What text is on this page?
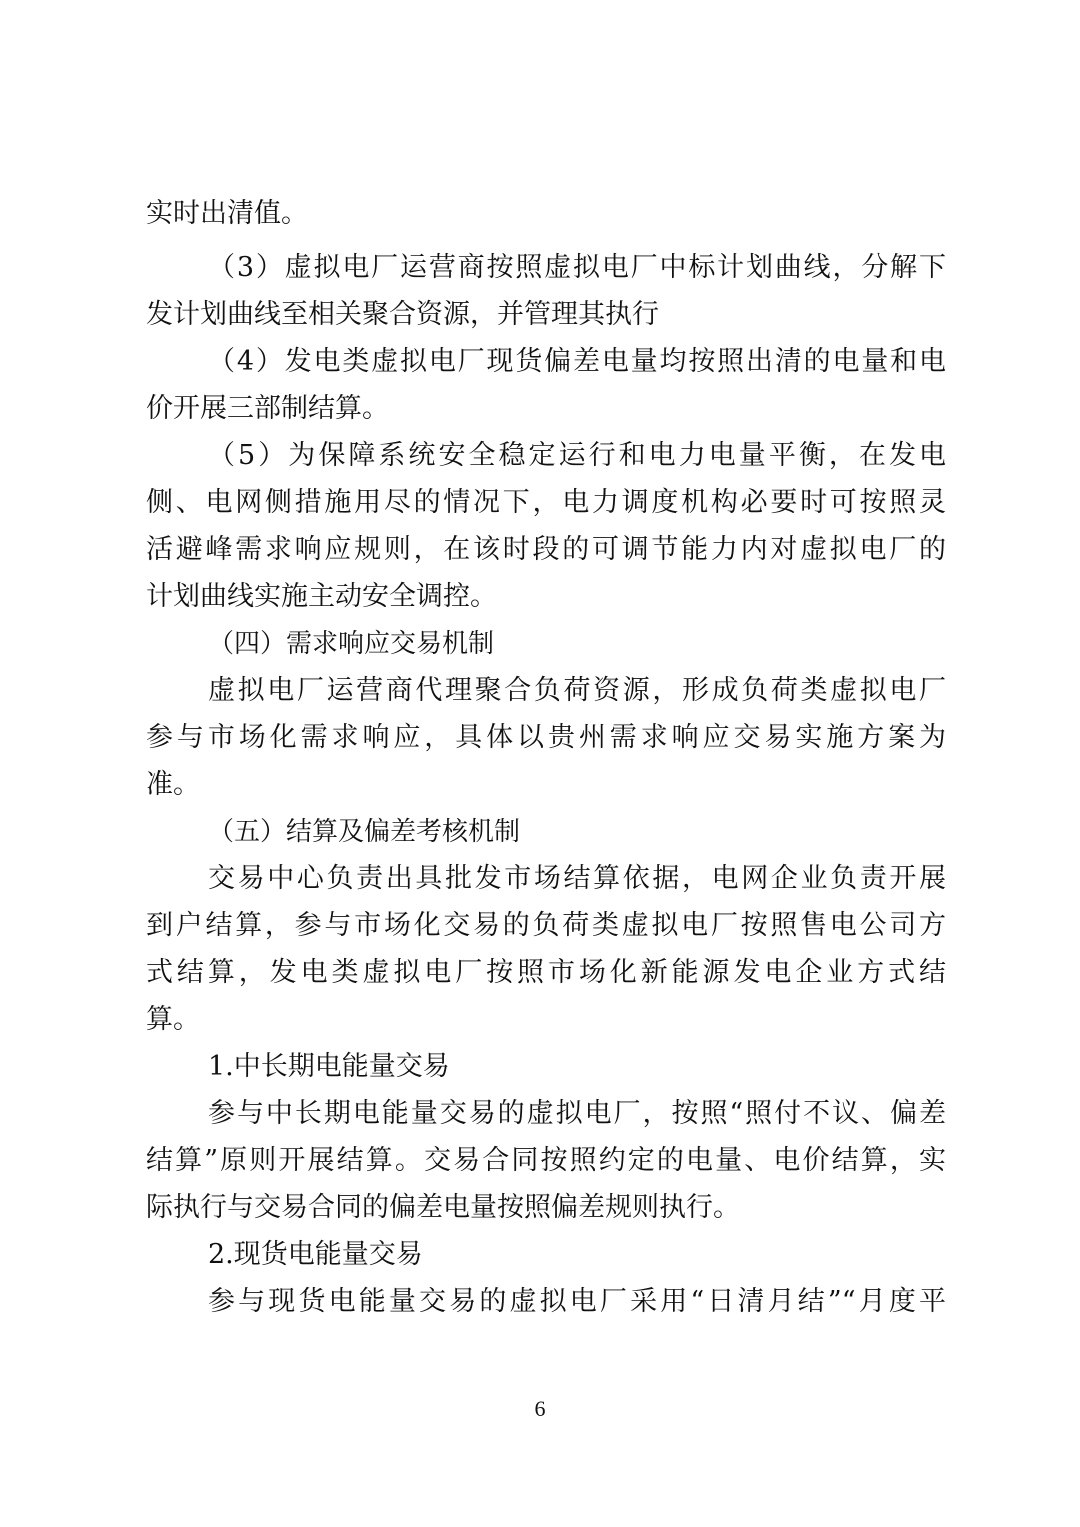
实时出清值。
（3）虚拟电厂运营商按照虚拟电厂中标计划曲线，分解下
发计划曲线至相关聚合资源，并管理其执行
（4）发电类虚拟电厂现货偏差电量均按照出清的电量和电
价开展三部制结算。
（5）为保障系统安全稳定运行和电力电量平衡，在发电
侧、电网侧措施用尽的情况下，电力调度机构必要时可按照灵
活避峰需求响应规则，在该时段的可调节能力内对虚拟电厂的
计划曲线实施主动安全调控。
（四）需求响应交易机制
虚拟电厂运营商代理聚合负荷资源，形成负荷类虚拟电厂
参与市场化需求响应，具体以贵州需求响应交易实施方案为
准。
（五）结算及偏差考核机制
交易中心负责出具批发市场结算依据，电网企业负责开展
到户结算，参与市场化交易的负荷类虚拟电厂按照售电公司方
式结算，发电类虚拟电厂按照市场化新能源发电企业方式结
算。
1.中长期电能量交易
参与中长期电能量交易的虚拟电厂，按照“照付不议、偏差
结算”原则开展结算。交易合同按照约定的电量、电价结算，实
际执行与交易合同的偏差电量按照偏差规则执行。
2.现货电能量交易
参与现货电能量交易的虚拟电厂采用“日清月结”“月度平
6
